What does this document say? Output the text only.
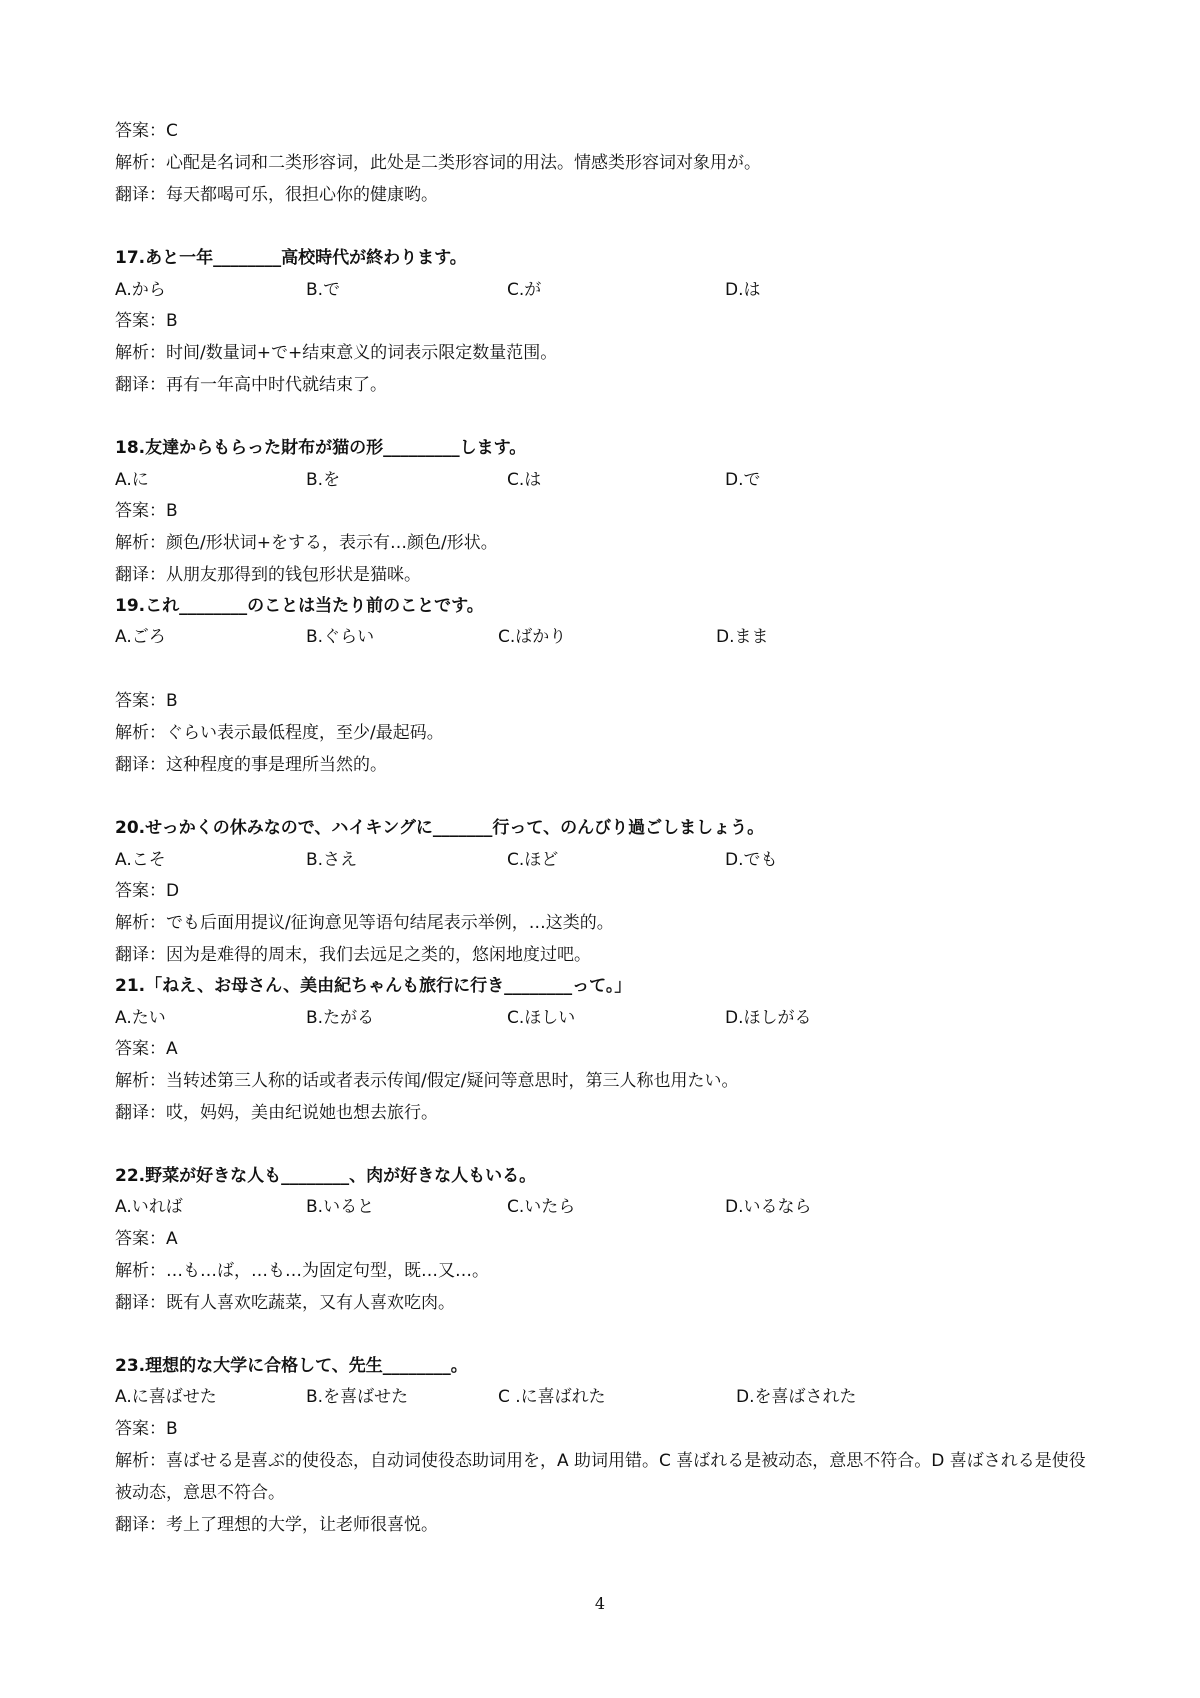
答案：C
解析：心配是名词和二类形容词，此处是二类形容词的用法。情感类形容词对象用が。
翻译：每天都喝可乐，很担心你的健康哟。
17.あと一年________高校時代が終わります。
A.から	B.で	C.が	D.は
答案：B
解析：时间/数量词+で+结束意义的词表示限定数量范围。
翻译：再有一年高中时代就结束了。
18.友達からもらった財布が猫の形_________します。
A.に	B.を	C.は	D.で
答案：B
解析：颜色/形状词+をする，表示有…颜色/形状。
翻译：从朋友那得到的钱包形状是猫咪。
19.これ________のことは当たり前のことです。
A.ごろ	B.ぐらい	C.ばかり	D.まま
答案：B
解析：ぐらい表示最低程度，至少/最起码。
翻译：这种程度的事是理所当然的。
20.せっかくの休みなので、ハイキングに_______行って、のんびり過ごしましょう。
A.こそ	B.さえ	C.ほど	D.でも
答案：D
解析：でも后面用提议/征询意见等语句结尾表示举例，…这类的。
翻译：因为是难得的周末，我们去远足之类的，悠闲地度过吧。
21.「ねえ、お母さん、美由紀ちゃんも旅行に行き________って。」
A.たい	B.たがる	C.ほしい	D.ほしがる
答案：A
解析：当转述第三人称的话或者表示传闻/假定/疑问等意思时，第三人称也用たい。
翻译：哎，妈妈，美由纪说她也想去旅行。
22.野菜が好きな人も________、肉が好きな人もいる。
A.いれば	B.いると	C.いたら	D.いるなら
答案：A
解析：…も…ば，…も…为固定句型，既…又…。
翻译：既有人喜欢吃蔬菜，又有人喜欢吃肉。
23.理想的な大学に合格して、先生________。
A.に喜ばせた	B.を喜ばせた	C .に喜ばれた	D.を喜ばされた
答案：B
解析：喜ばせる是喜ぶ的使役态，自动词使役态助词用を，A 助词用错。C 喜ばれる是被动态，意思不符合。D 喜ばされる是使役被动态，意思不符合。
翻译：考上了理想的大学，让老师很喜悦。
4
